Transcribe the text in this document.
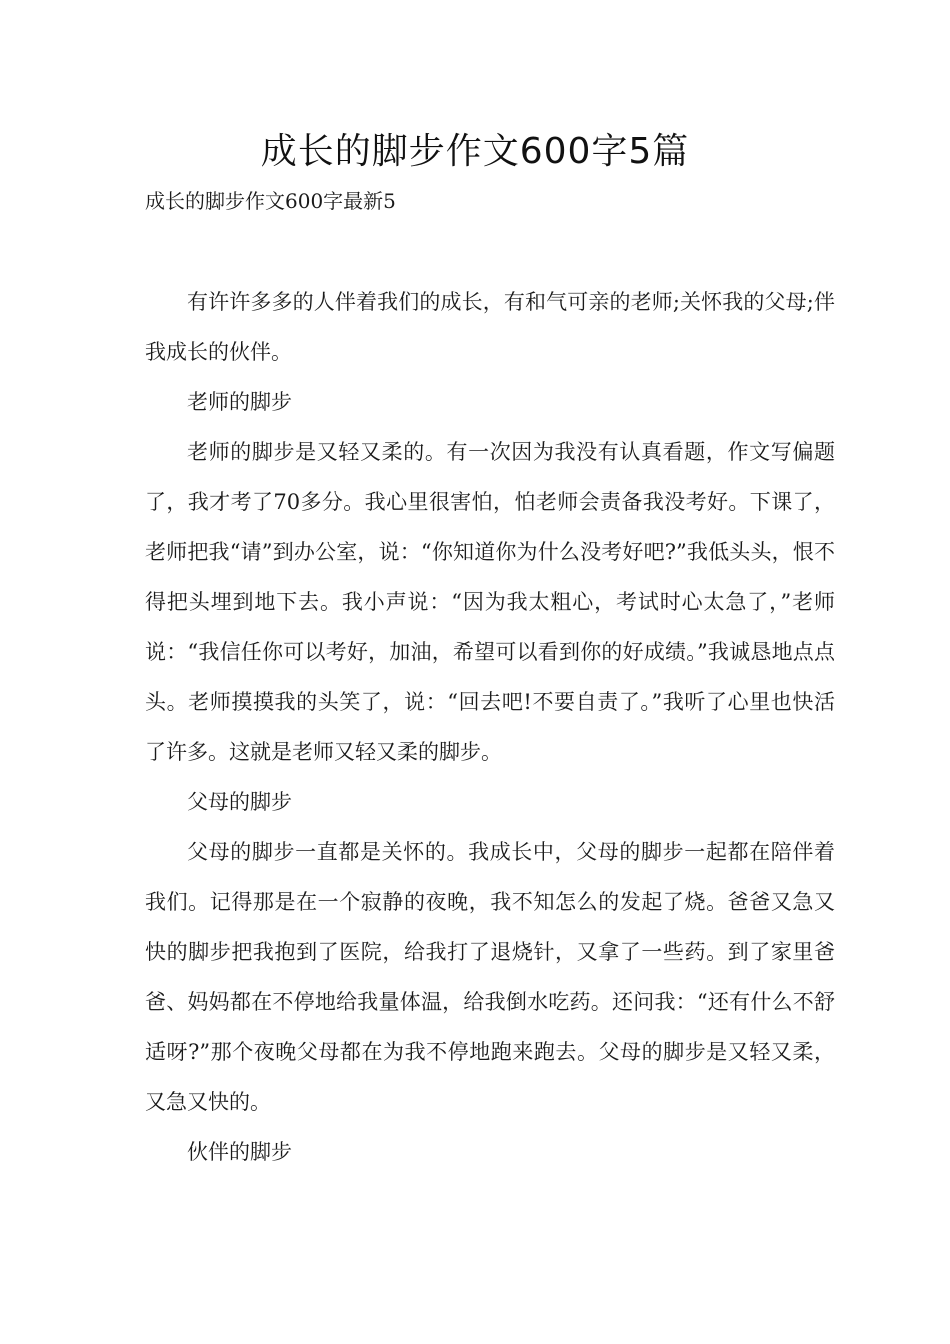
成长的脚步作文600字5篇

成长的脚步作文600字最新5

有许许多多的人伴着我们的成长，有和气可亲的老师;关怀我的父母;伴我成长的伙伴。

老师的脚步

老师的脚步是又轻又柔的。有一次因为我没有认真看题，作文写偏题了，我才考了70多分。我心里很害怕，怕老师会责备我没考好。下课了，老师把我“请”到办公室，说：“你知道你为什么没考好吧?”我低头头，恨不得把头埋到地下去。我小声说：“因为我太粗心，考试时心太急了，”老师说：“我信任你可以考好，加油，希望可以看到你的好成绩。”我诚恳地点点头。老师摸摸我的头笑了，说：“回去吧!不要自责了。”我听了心里也快活了许多。这就是老师又轻又柔的脚步。

父母的脚步

父母的脚步一直都是关怀的。我成长中，父母的脚步一起都在陪伴着我们。记得那是在一个寂静的夜晚，我不知怎么的发起了烧。爸爸又急又快的脚步把我抱到了医院，给我打了退烧针，又拿了一些药。到了家里爸爸、妈妈都在不停地给我量体温，给我倒水吃药。还问我：“还有什么不舒适呀?”那个夜晚父母都在为我不停地跑来跑去。父母的脚步是又轻又柔，又急又快的。

伙伴的脚步
